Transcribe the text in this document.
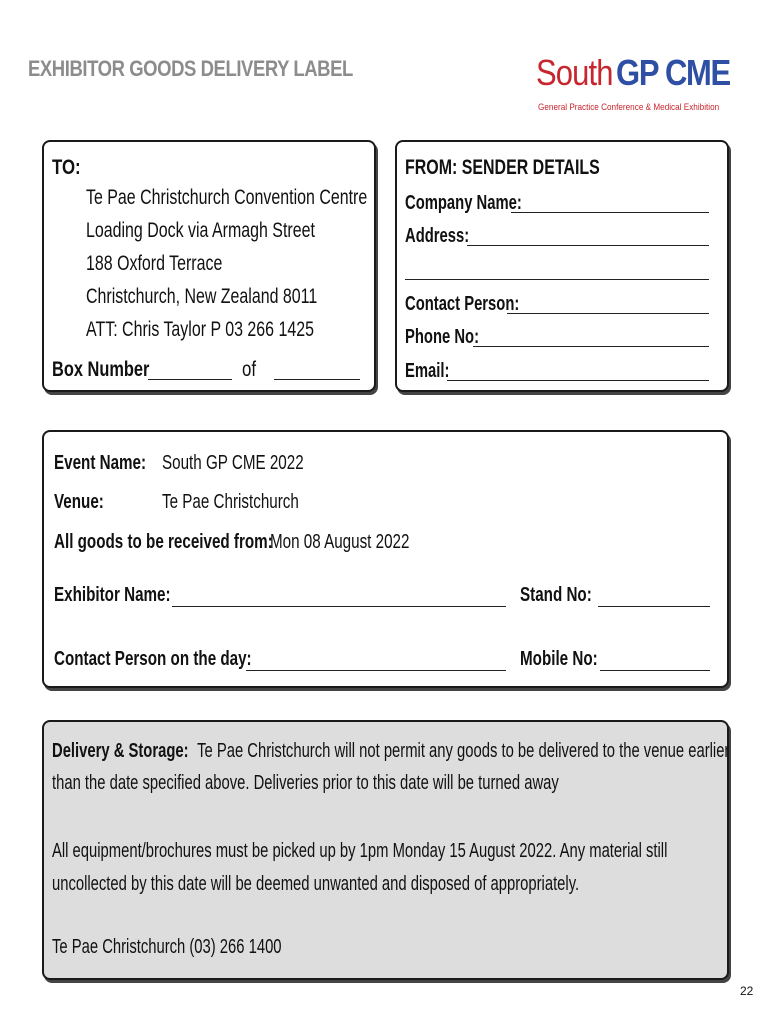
EXHIBITOR GOODS DELIVERY LABEL	SouthGP CME
General Practice Conference & Medical Exhibition
TO:
Te Pae Christchurch Convention Centre
Loading Dock via Armagh Street
188 Oxford Terrace
Christchurch, New Zealand 8011
ATT: Chris Taylor P 03 266 1425
Box Number	of
FROM: SENDER DETAILS
Company Name:
Address:
Contact Person:
Phone No:
Email:
Event Name: South GP CME 2022
Venue:	Te Pae Christchurch
All goods to be received from:
Mon 08 August 2022
Exhibitor Name:	Stand No:
Contact Person on the day:	Mobile No:
Delivery & Storage: Te Pae Christchurch will not permit any goods to be delivered to the venue earlier
than the date specified above. Deliveries prior to this date will be turned away
All equipment/brochures must be picked up by 1pm Monday 15 August 2022. Any material still
uncollected by this date will be deemed unwanted and disposed of appropriately.
Te Pae Christchurch (03) 266 1400
22
